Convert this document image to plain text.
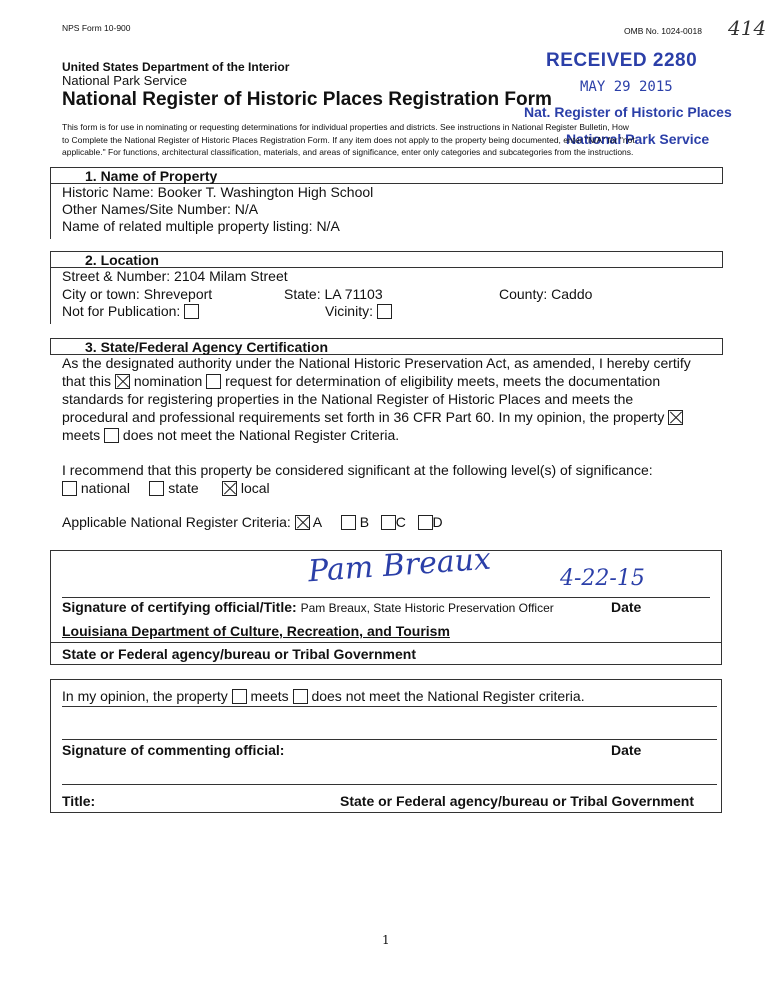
NPS Form 10-900	OMB No. 1024-0018 414
United States Department of the Interior
National Park Service
National Register of Historic Places Registration Form
RECEIVED 2280
MAY 29 2015
Nat. Register of Historic Places
National Park Service
This form is for use in nominating or requesting determinations for individual properties and districts. See instructions in National Register Bulletin, How
to Complete the National Register of Historic Places Registration Form. If any item does not apply to the property being documented, enter "N/A" for "not
applicable." For functions, architectural classification, materials, and areas of significance, enter only categories and subcategories from the instructions.
1. Name of Property
Historic Name: Booker T. Washington High School
Other Names/Site Number: N/A
Name of related multiple property listing: N/A
2. Location
Street & Number: 2104 Milam Street
City or town: Shreveport	State: LA 71103	County: Caddo
Not for Publication:	Vicinity:
3. State/Federal Agency Certification
As the designated authority under the National Historic Preservation Act, as amended, I hereby certify
that this nomination request for determination of eligibility meets, meets the documentation
standards for registering properties in the National Register of Historic Places and meets the
procedural and professional requirements set forth in 36 CFR Part 60. In my opinion, the property
meets does not meet the National Register Criteria.
I recommend that this property be considered significant at the following level(s) of significance:
national	state	local
Applicable National Register Criteria: A	B C D
Pam Breaux	4-22-15
Signature of certifying official/Title: Pam Breaux, State Historic Preservation Officer	Date
Louisiana Department of Culture, Recreation, and Tourism
State or Federal agency/bureau or Tribal Government
In my opinion, the property meets does not meet the National Register criteria.
Signature of commenting official:	Date
Title:	State or Federal agency/bureau or Tribal Government
1
